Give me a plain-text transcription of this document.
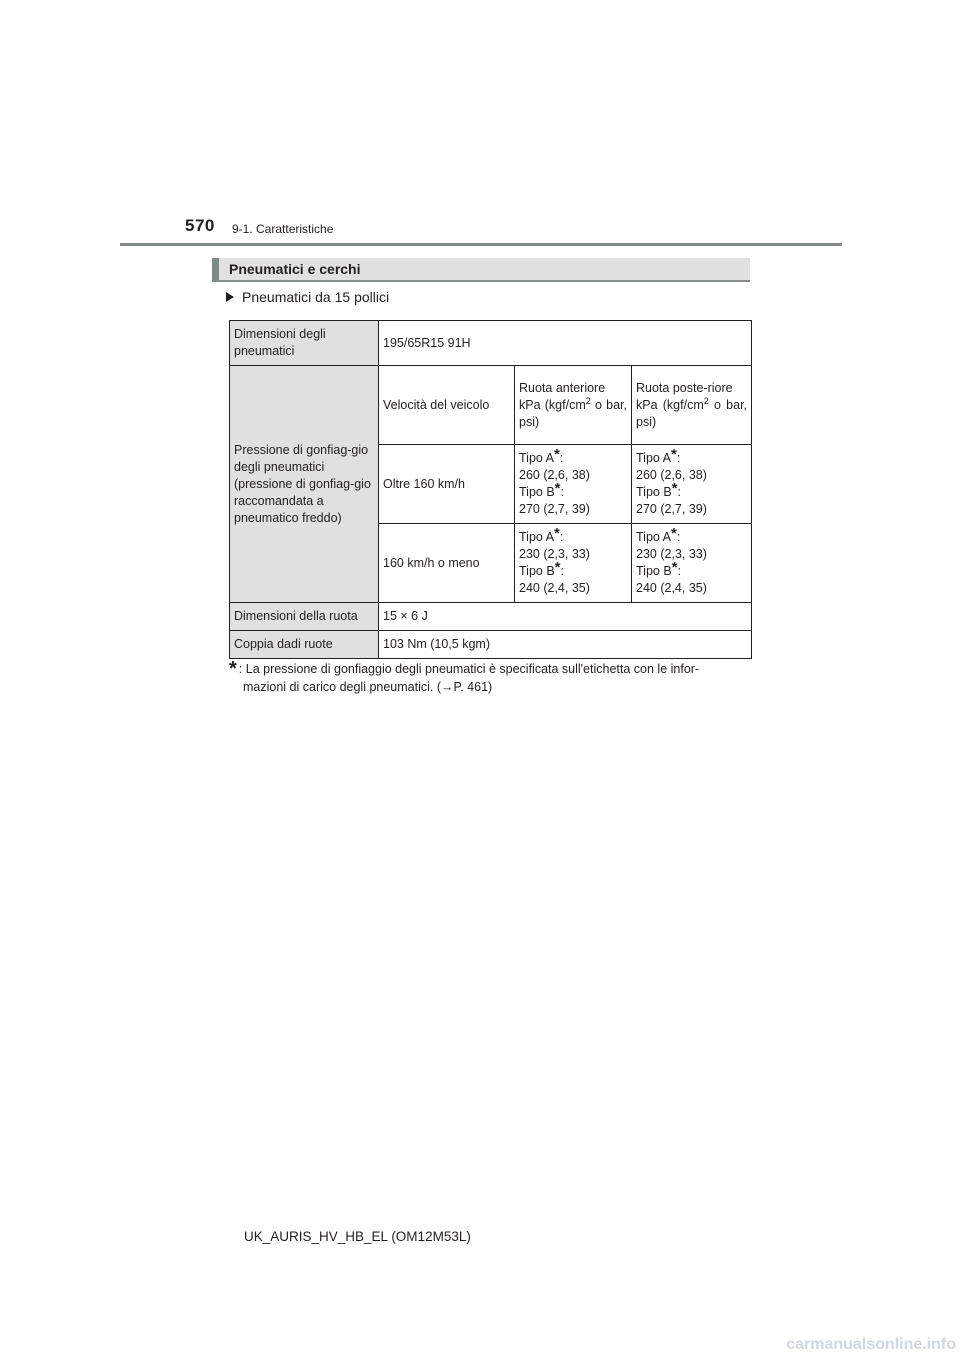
570 9-1. Caratteristiche
Pneumatici e cerchi
Pneumatici da 15 pollici
Dimensioni degli pneumatici	195/65R15 91H		
Pressione di gonfiag-gio degli pneumatici (pressione di gonfiag-gio raccomandata a pneumatico freddo)	Velocità del veicolo	Ruota anteriore
kPa ($kgf/cm^2$ o bar, psi)	Ruota poste-riore
kPa ($kgf/cm^2$ o bar, psi)
	Oltre 160 km/h	Tipo A*:
260 (2,6, 38)
Tipo B*:
270 (2,7, 39)	Tipo A*:
260 (2,6, 38)
Tipo B*:
270 (2,7, 39)
	160 km/h o meno	Tipo A*:
230 (2,3, 33)
Tipo B*:
240 (2,4, 35)	Tipo A*:
230 (2,3, 33)
Tipo B*:
240 (2,4, 35)
Dimensioni della ruota	15 × 6 J		
Coppia dadi ruote	103 Nm (10,5 kgm)		
* : La pressione di gonfiaggio degli pneumatici è specificata sull'etichetta con le infor-
mazioni di carico degli pneumatici. (→P. 461)
UK_AURIS_HV_HB_EL (OM12M53L)
carmanualsonline.info
